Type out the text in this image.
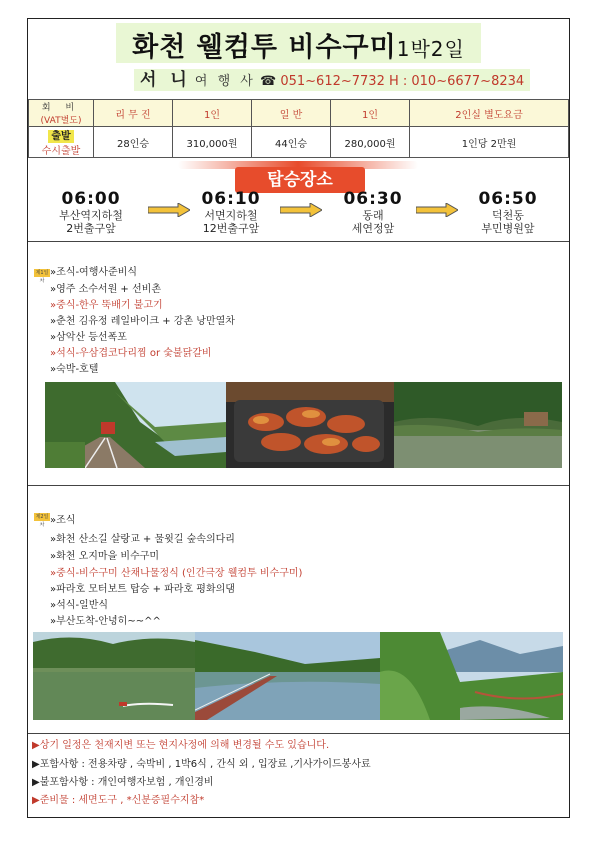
화천 웰컴투 비수구미1박2일
서 니 여 행 사 ☎ 051~612~7732 H : 010~6677~8234
회 비
(VAT별도)	리 무 진	1인	일 반	1인	2인실 별도요금

출발
수시출발	28인승	310,000원	44인승	280,000원	1인당 2만원
탑승장소
06:00
부산역지하철
2번출구앞
06:10
서면지하철
12번출구앞
06:30
동래
세연정앞
06:50
덕천동
부민병원앞
제1일차
»조식-여행사준비식
»영주 소수서원 + 선비촌
»중식-한우 뚝배기 불고기
»춘천 김유정 레일바이크 + 강촌 낭만열차
»삼악산 등선폭포
»석식-우삼겹코다리찜 or 숯불닭갈비
»숙박-호텔
제2일차 »조식
»화천 산소길 살랑교 + 물윗길 숲속의다리
»화천 오지마을 비수구미
»중식-비수구미 산채나물정식 (인간극장 웰컴투 비수구미)
»파라호 모터보트 탑승 + 파라호 평화의댐
»석식-일반식
»부산도착-안녕히~~^^
▶상기 일정은 천재지변 또는 현지사정에 의해 변경될 수도 있습니다.
▶포함사항 : 전용차량 , 숙박비 , 1박6식 , 간식 외 , 입장료 ,기사가이드봉사료
▶불포함사항 : 개인여행자보험 , 개인경비
▶준비물 : 세면도구 , *신분증필수지참*
